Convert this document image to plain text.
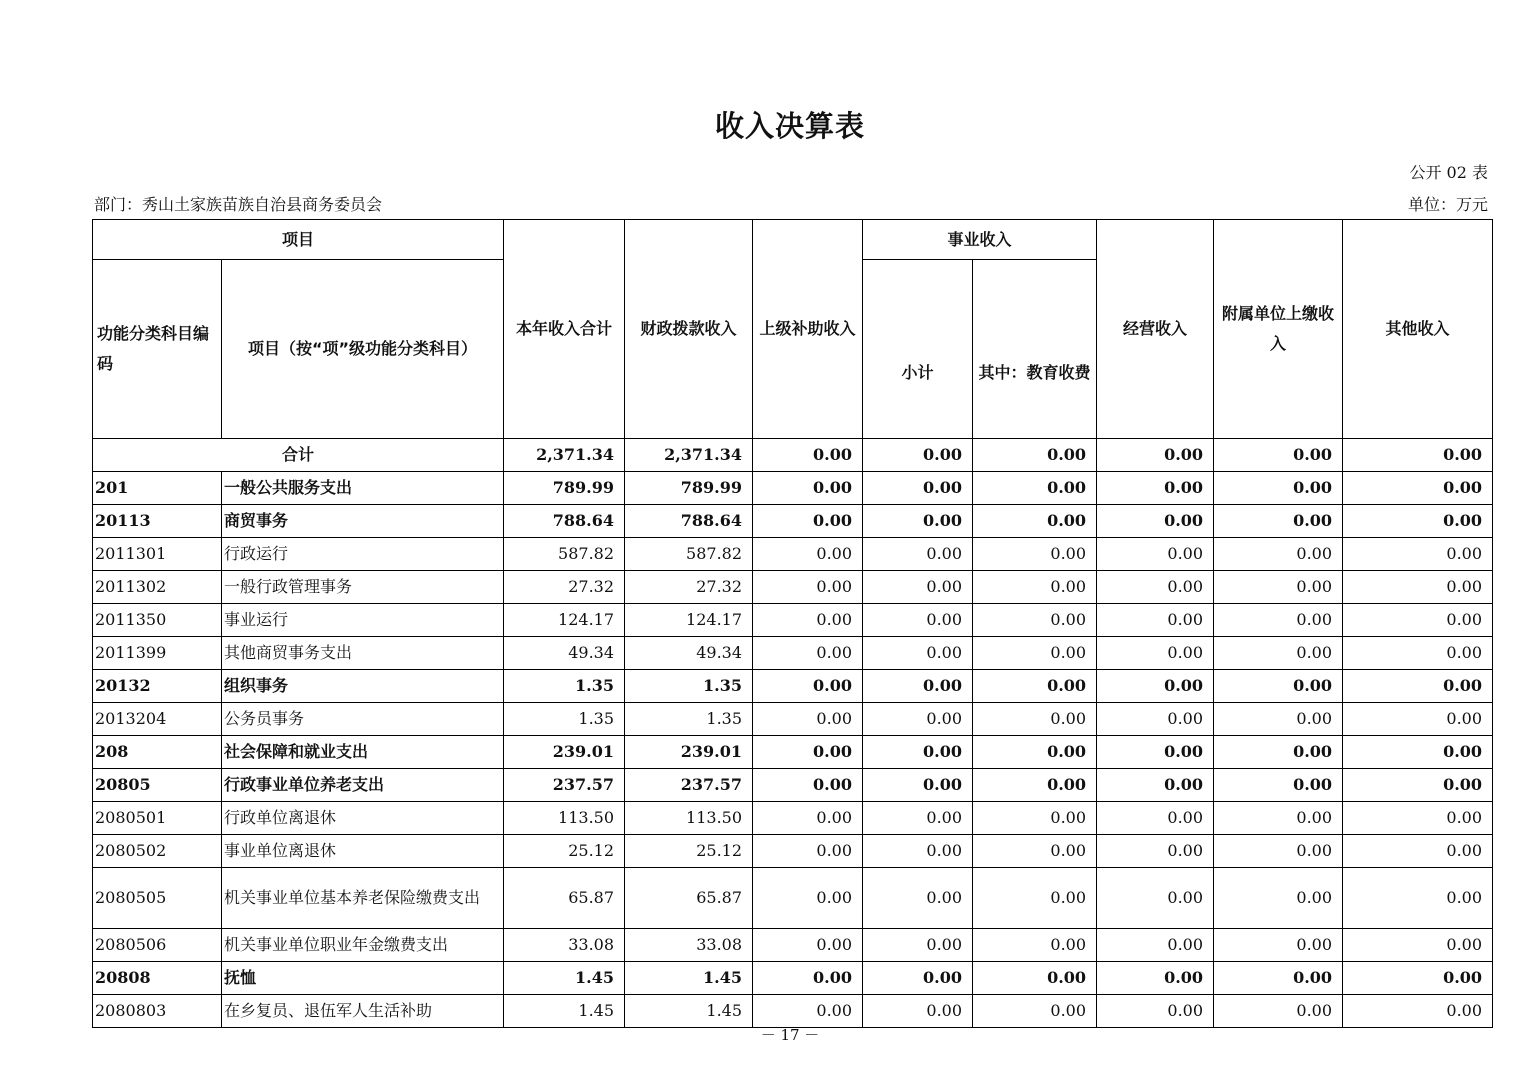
收入决算表
公开 02 表
部门：秀山土家族苗族自治县商务委员会	单位：万元
项目		本年收入合计	财政拨款收入	上级补助收入	事业收入		经营收入	附属单位上缴收入	其他收入
功能分类科目编码	项目（按“项”级功能分类科目）				小计	其中：教育收费			
合计		2,371.34	2,371.34	0.00	0.00	0.00	0.00	0.00	0.00
201	一般公共服务支出	789.99	789.99	0.00	0.00	0.00	0.00	0.00	0.00
20113	商贸事务	788.64	788.64	0.00	0.00	0.00	0.00	0.00	0.00
2011301	行政运行	587.82	587.82	0.00	0.00	0.00	0.00	0.00	0.00
2011302	一般行政管理事务	27.32	27.32	0.00	0.00	0.00	0.00	0.00	0.00
2011350	事业运行	124.17	124.17	0.00	0.00	0.00	0.00	0.00	0.00
2011399	其他商贸事务支出	49.34	49.34	0.00	0.00	0.00	0.00	0.00	0.00
20132	组织事务	1.35	1.35	0.00	0.00	0.00	0.00	0.00	0.00
2013204	公务员事务	1.35	1.35	0.00	0.00	0.00	0.00	0.00	0.00
208	社会保障和就业支出	239.01	239.01	0.00	0.00	0.00	0.00	0.00	0.00
20805	行政事业单位养老支出	237.57	237.57	0.00	0.00	0.00	0.00	0.00	0.00
2080501	行政单位离退休	113.50	113.50	0.00	0.00	0.00	0.00	0.00	0.00
2080502	事业单位离退休	25.12	25.12	0.00	0.00	0.00	0.00	0.00	0.00
2080505	机关事业单位基本养老保险缴费支出	65.87	65.87	0.00	0.00	0.00	0.00	0.00	0.00
2080506	机关事业单位职业年金缴费支出	33.08	33.08	0.00	0.00	0.00	0.00	0.00	0.00
20808	抚恤	1.45	1.45	0.00	0.00	0.00	0.00	0.00	0.00
2080803	在乡复员、退伍军人生活补助	1.45	1.45	0.00	0.00	0.00	0.00	0.00	0.00
－ 17 －
